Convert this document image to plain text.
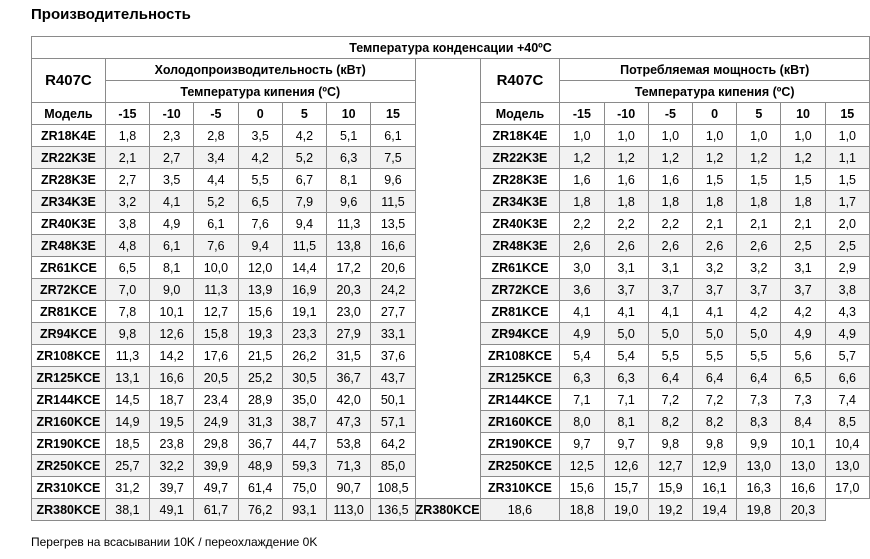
Производительность
Температура конденсации +40ºC																
R407C	Холодопроизводительность (кВт)								R407C	Потребляемая мощность (кВт)						
	Температура кипения (ºC)									Температура кипения (ºC)						
Модель	-15	-10	-5	0	5	10	15		Модель	-15	-10	-5	0	5	10	15
ZR18K4E	1,8	2,3	2,8	3,5	4,2	5,1	6,1		ZR18K4E	1,0	1,0	1,0	1,0	1,0	1,0	1,0
ZR22K3E	2,1	2,7	3,4	4,2	5,2	6,3	7,5		ZR22K3E	1,2	1,2	1,2	1,2	1,2	1,2	1,1
ZR28K3E	2,7	3,5	4,4	5,5	6,7	8,1	9,6		ZR28K3E	1,6	1,6	1,6	1,5	1,5	1,5	1,5
ZR34K3E	3,2	4,1	5,2	6,5	7,9	9,6	11,5		ZR34K3E	1,8	1,8	1,8	1,8	1,8	1,8	1,7
ZR40K3E	3,8	4,9	6,1	7,6	9,4	11,3	13,5		ZR40K3E	2,2	2,2	2,2	2,1	2,1	2,1	2,0
ZR48K3E	4,8	6,1	7,6	9,4	11,5	13,8	16,6		ZR48K3E	2,6	2,6	2,6	2,6	2,6	2,5	2,5
ZR61KCE	6,5	8,1	10,0	12,0	14,4	17,2	20,6		ZR61KCE	3,0	3,1	3,1	3,2	3,2	3,1	2,9
ZR72KCE	7,0	9,0	11,3	13,9	16,9	20,3	24,2		ZR72KCE	3,6	3,7	3,7	3,7	3,7	3,7	3,8
ZR81KCE	7,8	10,1	12,7	15,6	19,1	23,0	27,7		ZR81KCE	4,1	4,1	4,1	4,1	4,2	4,2	4,3
ZR94KCE	9,8	12,6	15,8	19,3	23,3	27,9	33,1		ZR94KCE	4,9	5,0	5,0	5,0	5,0	4,9	4,9
ZR108KCE	11,3	14,2	17,6	21,5	26,2	31,5	37,6		ZR108KCE	5,4	5,4	5,5	5,5	5,5	5,6	5,7
ZR125KCE	13,1	16,6	20,5	25,2	30,5	36,7	43,7		ZR125KCE	6,3	6,3	6,4	6,4	6,4	6,5	6,6
ZR144KCE	14,5	18,7	23,4	28,9	35,0	42,0	50,1		ZR144KCE	7,1	7,1	7,2	7,2	7,3	7,3	7,4
ZR160KCE	14,9	19,5	24,9	31,3	38,7	47,3	57,1		ZR160KCE	8,0	8,1	8,2	8,2	8,3	8,4	8,5
ZR190KCE	18,5	23,8	29,8	36,7	44,7	53,8	64,2		ZR190KCE	9,7	9,7	9,8	9,8	9,9	10,1	10,4
ZR250KCE	25,7	32,2	39,9	48,9	59,3	71,3	85,0		ZR250KCE	12,5	12,6	12,7	12,9	13,0	13,0	13,0
ZR310KCE	31,2	39,7	49,7	61,4	75,0	90,7	108,5		ZR310KCE	15,6	15,7	15,9	16,1	16,3	16,6	17,0
ZR380KCE	38,1	49,1	61,7	76,2	93,1	113,0	136,5	ZR380KCE	18,6	18,8	19,0	19,2	19,4	19,8	20,3	
Перегрев на всасывании 10K / переохлаждение 0K
